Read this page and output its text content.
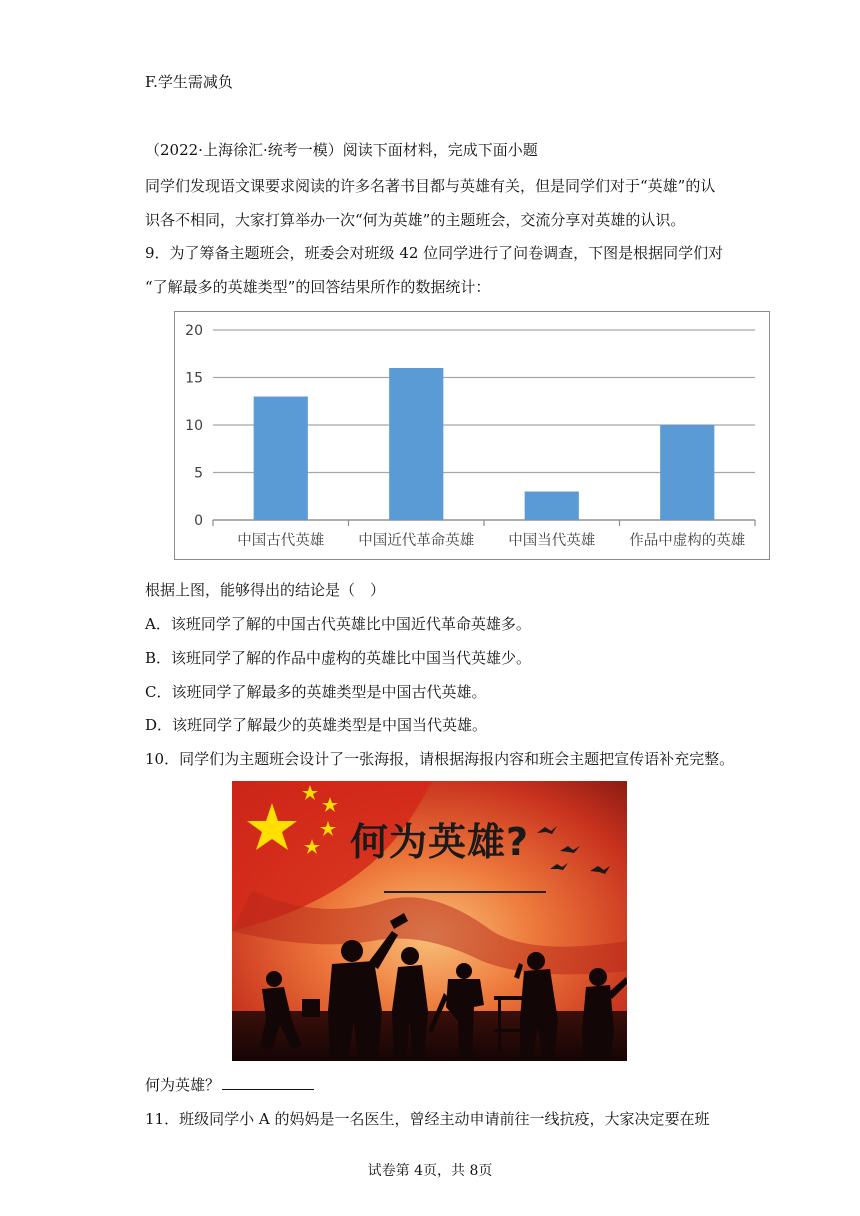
F.学生需减负
（2022·上海徐汇·统考一模）阅读下面材料，完成下面小题
同学们发现语文课要求阅读的许多名著书目都与英雄有关，但是同学们对于“英雄”的认
识各不相同，大家打算举办一次“何为英雄”的主题班会，交流分享对英雄的认识。
9．为了筹备主题班会，班委会对班级 42 位同学进行了问卷调查，下图是根据同学们对
“了解最多的英雄类型”的回答结果所作的数据统计：
0
5
10
15
20
中国古代英雄 中国近代革命英雄 中国当代英雄 作品中虚构的英雄
根据上图，能够得出的结论是（　）
A．该班同学了解的中国古代英雄比中国近代革命英雄多。
B．该班同学了解的作品中虚构的英雄比中国当代英雄少。
C．该班同学了解最多的英雄类型是中国古代英雄。
D．该班同学了解最少的英雄类型是中国当代英雄。
10．同学们为主题班会设计了一张海报，请根据海报内容和班会主题把宣传语补充完整。
何为英雄?
何为英雄？
11．班级同学小 A 的妈妈是一名医生，曾经主动申请前往一线抗疫，大家决定要在班
试卷第 4页，共 8页
